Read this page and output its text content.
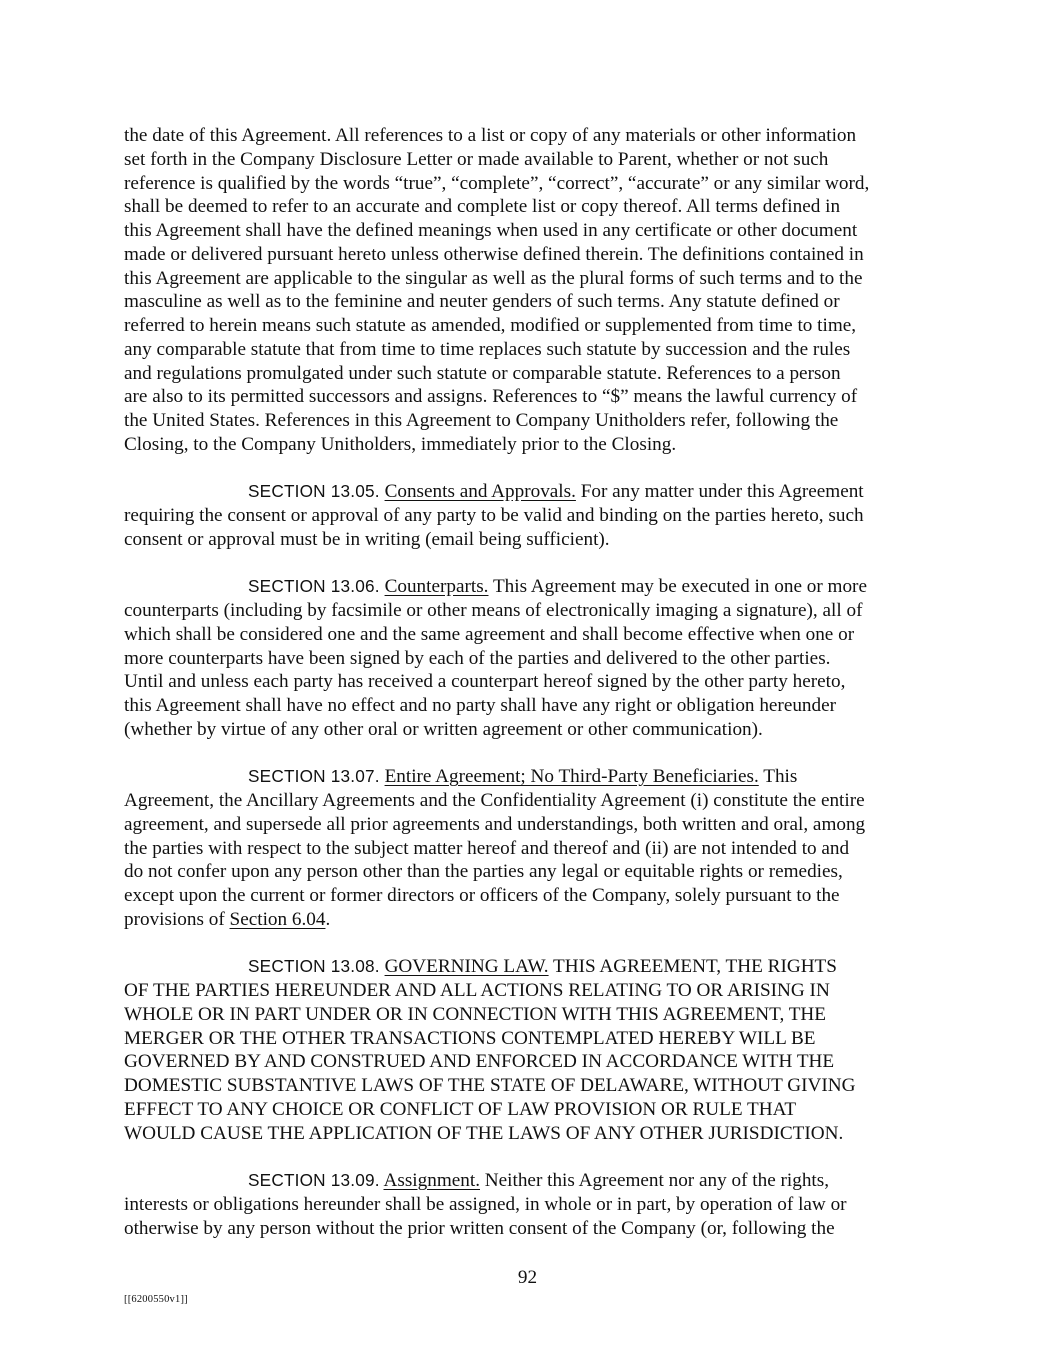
the date of this Agreement. All references to a list or copy of any materials or other information
set forth in the Company Disclosure Letter or made available to Parent, whether or not such
reference is qualified by the words “true”, “complete”, “correct”, “accurate” or any similar word,
shall be deemed to refer to an accurate and complete list or copy thereof. All terms defined in
this Agreement shall have the defined meanings when used in any certificate or other document
made or delivered pursuant hereto unless otherwise defined therein. The definitions contained in
this Agreement are applicable to the singular as well as the plural forms of such terms and to the
masculine as well as to the feminine and neuter genders of such terms. Any statute defined or
referred to herein means such statute as amended, modified or supplemented from time to time,
any comparable statute that from time to time replaces such statute by succession and the rules
and regulations promulgated under such statute or comparable statute. References to a person
are also to its permitted successors and assigns. References to “$” means the lawful currency of
the United States. References in this Agreement to Company Unitholders refer, following the
Closing, to the Company Unitholders, immediately prior to the Closing.

SECTION 13.05. Consents and Approvals. For any matter under this Agreement
requiring the consent or approval of any party to be valid and binding on the parties hereto, such
consent or approval must be in writing (email being sufficient).

SECTION 13.06. Counterparts. This Agreement may be executed in one or more
counterparts (including by facsimile or other means of electronically imaging a signature), all of
which shall be considered one and the same agreement and shall become effective when one or
more counterparts have been signed by each of the parties and delivered to the other parties.
Until and unless each party has received a counterpart hereof signed by the other party hereto,
this Agreement shall have no effect and no party shall have any right or obligation hereunder
(whether by virtue of any other oral or written agreement or other communication).

SECTION 13.07. Entire Agreement; No Third-Party Beneficiaries. This
Agreement, the Ancillary Agreements and the Confidentiality Agreement (i) constitute the entire
agreement, and supersede all prior agreements and understandings, both written and oral, among
the parties with respect to the subject matter hereof and thereof and (ii) are not intended to and
do not confer upon any person other than the parties any legal or equitable rights or remedies,
except upon the current or former directors or officers of the Company, solely pursuant to the
provisions of Section 6.04.

SECTION 13.08. GOVERNING LAW. THIS AGREEMENT, THE RIGHTS
OF THE PARTIES HEREUNDER AND ALL ACTIONS RELATING TO OR ARISING IN
WHOLE OR IN PART UNDER OR IN CONNECTION WITH THIS AGREEMENT, THE
MERGER OR THE OTHER TRANSACTIONS CONTEMPLATED HEREBY WILL BE
GOVERNED BY AND CONSTRUED AND ENFORCED IN ACCORDANCE WITH THE
DOMESTIC SUBSTANTIVE LAWS OF THE STATE OF DELAWARE, WITHOUT GIVING
EFFECT TO ANY CHOICE OR CONFLICT OF LAW PROVISION OR RULE THAT
WOULD CAUSE THE APPLICATION OF THE LAWS OF ANY OTHER JURISDICTION.

SECTION 13.09. Assignment. Neither this Agreement nor any of the rights,
interests or obligations hereunder shall be assigned, in whole or in part, by operation of law or
otherwise by any person without the prior written consent of the Company (or, following the

92
[[6200550v1]]
